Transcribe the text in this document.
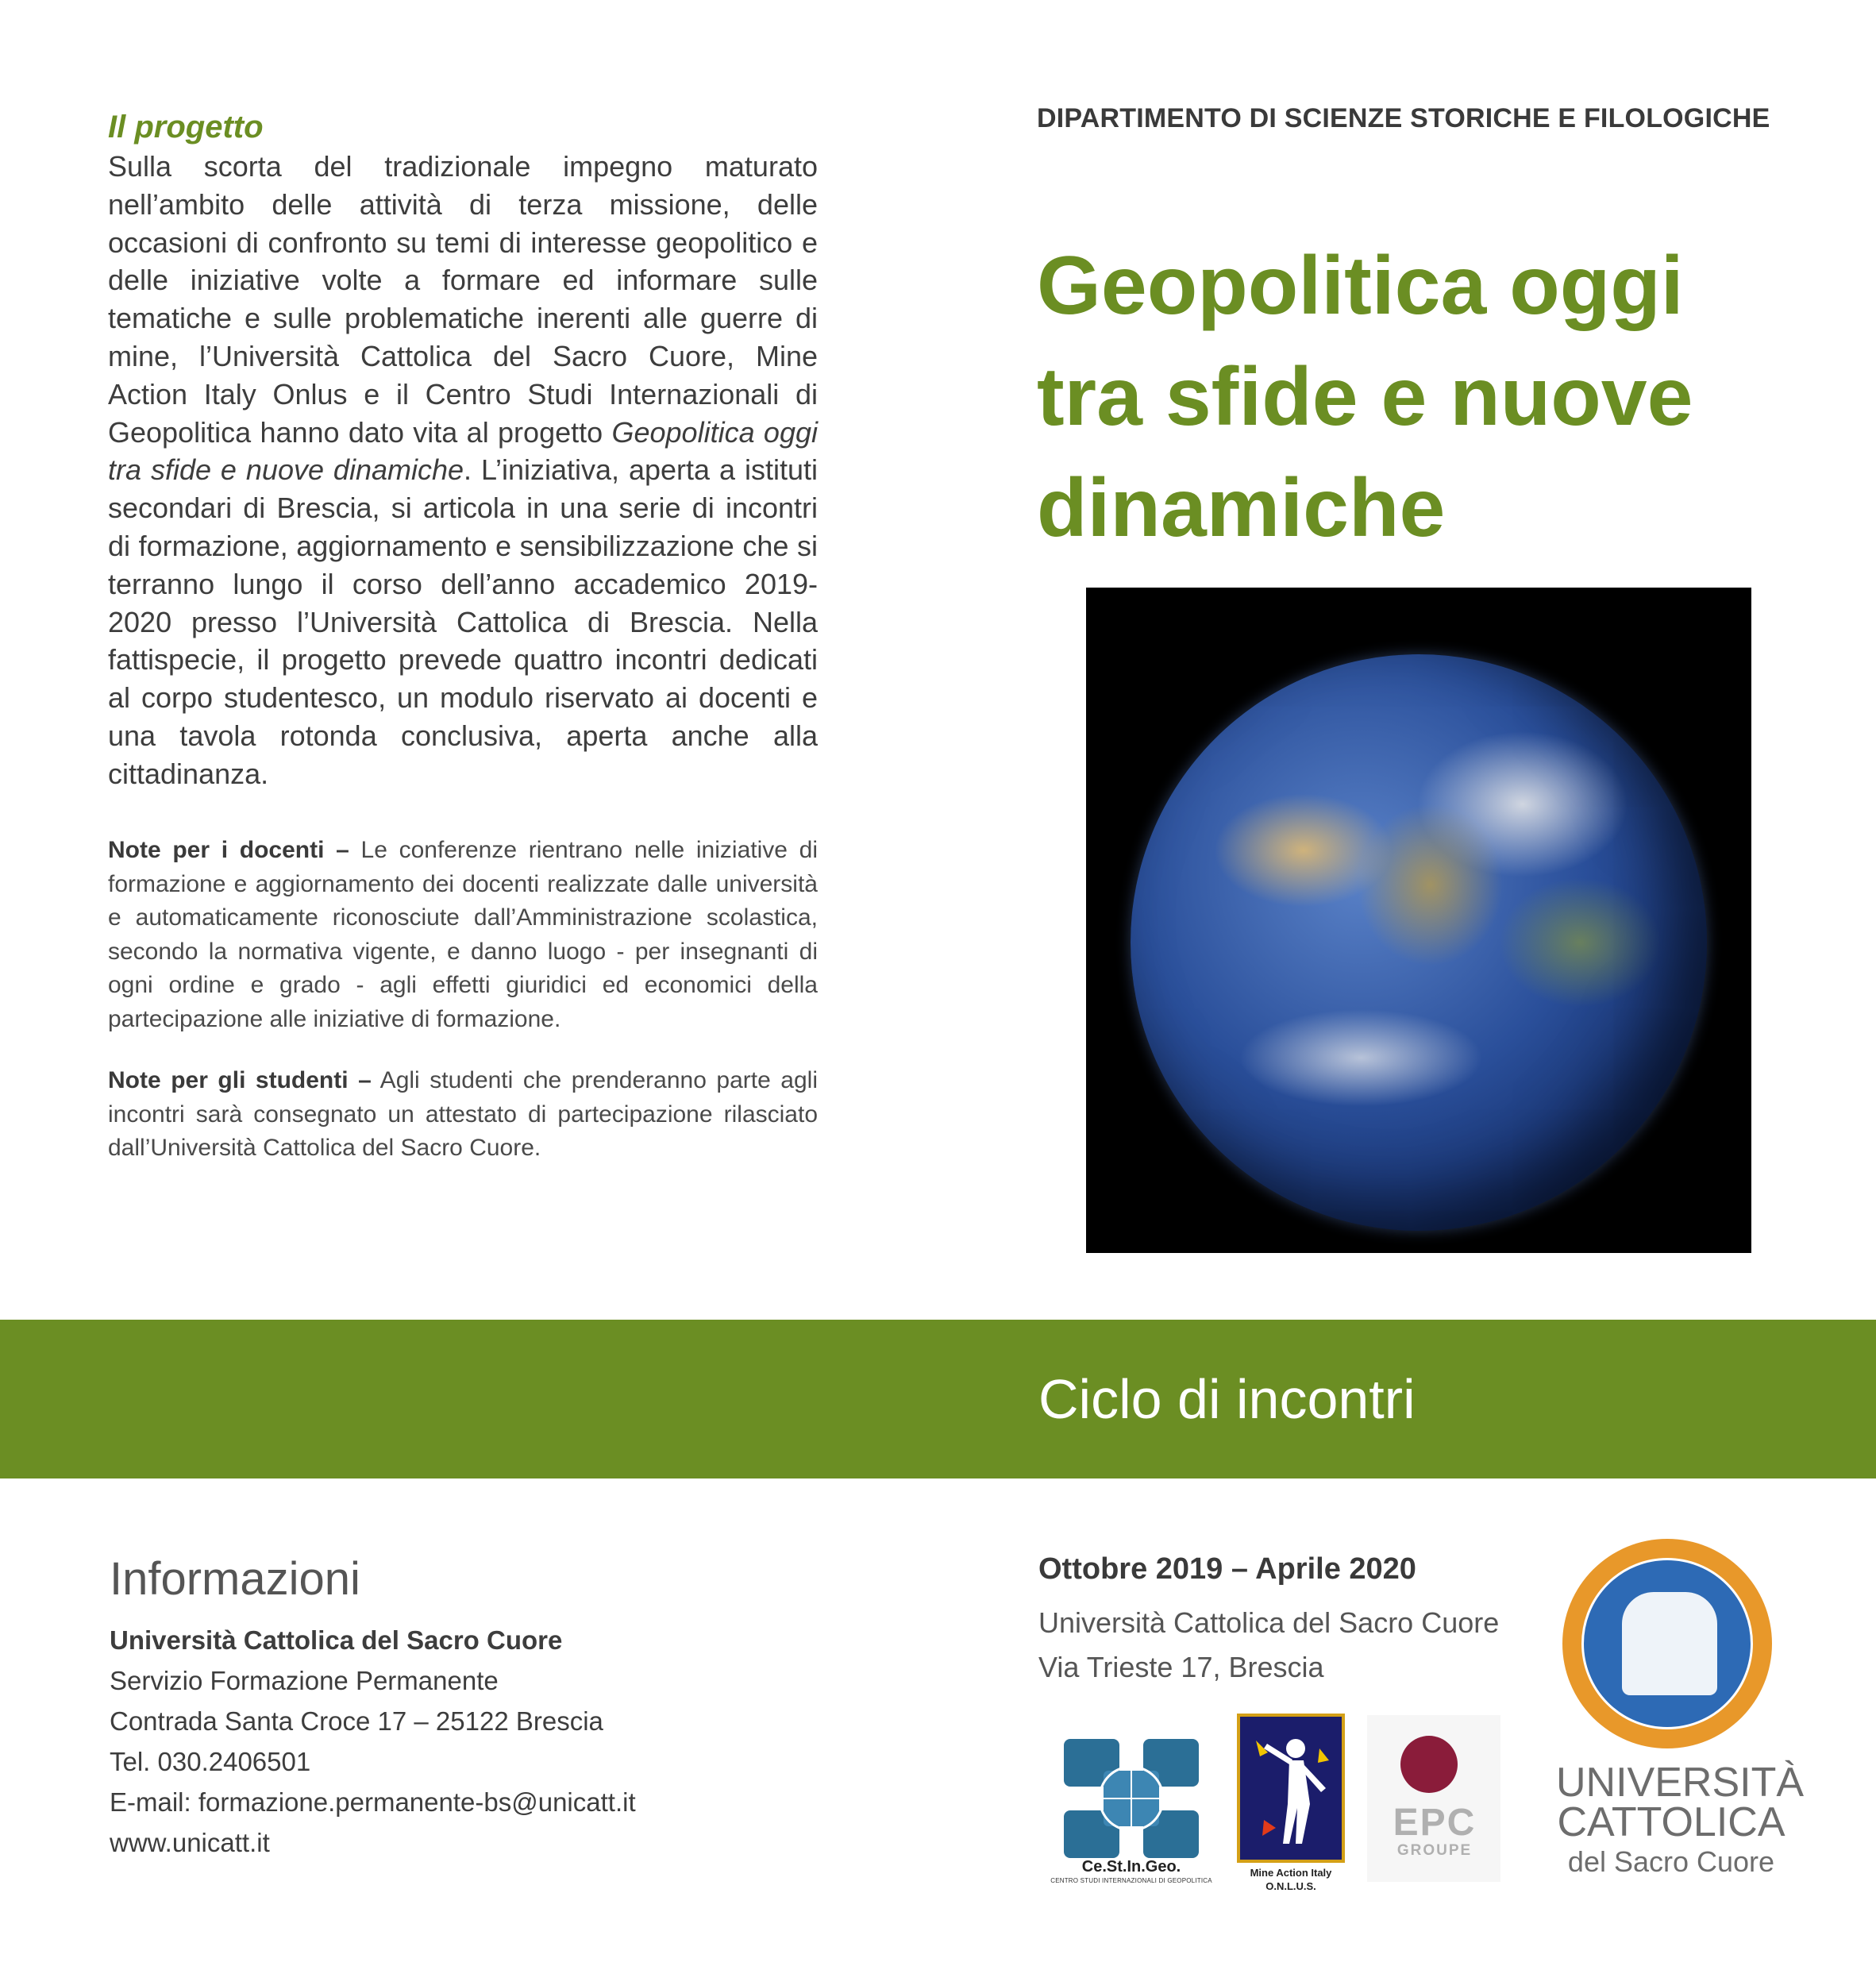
Il progetto
Sulla scorta del tradizionale impegno maturato nell’ambito delle attività di terza missione, delle occasioni di confronto su temi di interesse geopolitico e delle iniziative volte a formare ed informare sulle tematiche e sulle problematiche inerenti alle guerre di mine, l’Università Cattolica del Sacro Cuore, Mine Action Italy Onlus e il Centro Studi Internazionali di Geopolitica hanno dato vita al progetto Geopolitica oggi tra sfide e nuove dinamiche. L’iniziativa, aperta a istituti secondari di Brescia, si articola in una serie di incontri di formazione, aggiornamento e sensibilizzazione che si terranno lungo il corso dell’anno accademico 2019-2020 presso l’Università Cattolica di Brescia. Nella fattispecie, il progetto prevede quattro incontri dedicati al corpo studentesco, un modulo riservato ai docenti e una tavola rotonda conclusiva, aperta anche alla cittadinanza.
Note per i docenti – Le conferenze rientrano nelle iniziative di formazione e aggiornamento dei docenti realizzate dalle università e automaticamente riconosciute dall’Amministrazione scolastica, secondo la normativa vigente, e danno luogo - per insegnanti di ogni ordine e grado - agli effetti giuridici ed economici della partecipazione alle iniziative di formazione.
Note per gli studenti – Agli studenti che prenderanno parte agli incontri sarà consegnato un attestato di partecipazione rilasciato dall’Università Cattolica del Sacro Cuore.
DIPARTIMENTO DI SCIENZE STORICHE E FILOLOGICHE
Geopolitica oggi
tra sfide e nuove
dinamiche
Ciclo di incontri
Informazioni
Università Cattolica del Sacro Cuore
Servizio Formazione Permanente
Contrada Santa Croce 17 – 25122 Brescia
Tel. 030.2406501
E-mail: formazione.permanente-bs@unicatt.it
www.unicatt.it
Ottobre 2019 – Aprile 2020
Università Cattolica del Sacro Cuore
Via Trieste 17, Brescia
Ce.St.In.Geo.
CENTRO STUDI INTERNAZIONALI DI GEOPOLITICA
Mine Action Italy
O.N.L.U.S.
EPC
GROUPE
UNIVERSITÀ
CATTOLICA
del Sacro Cuore
